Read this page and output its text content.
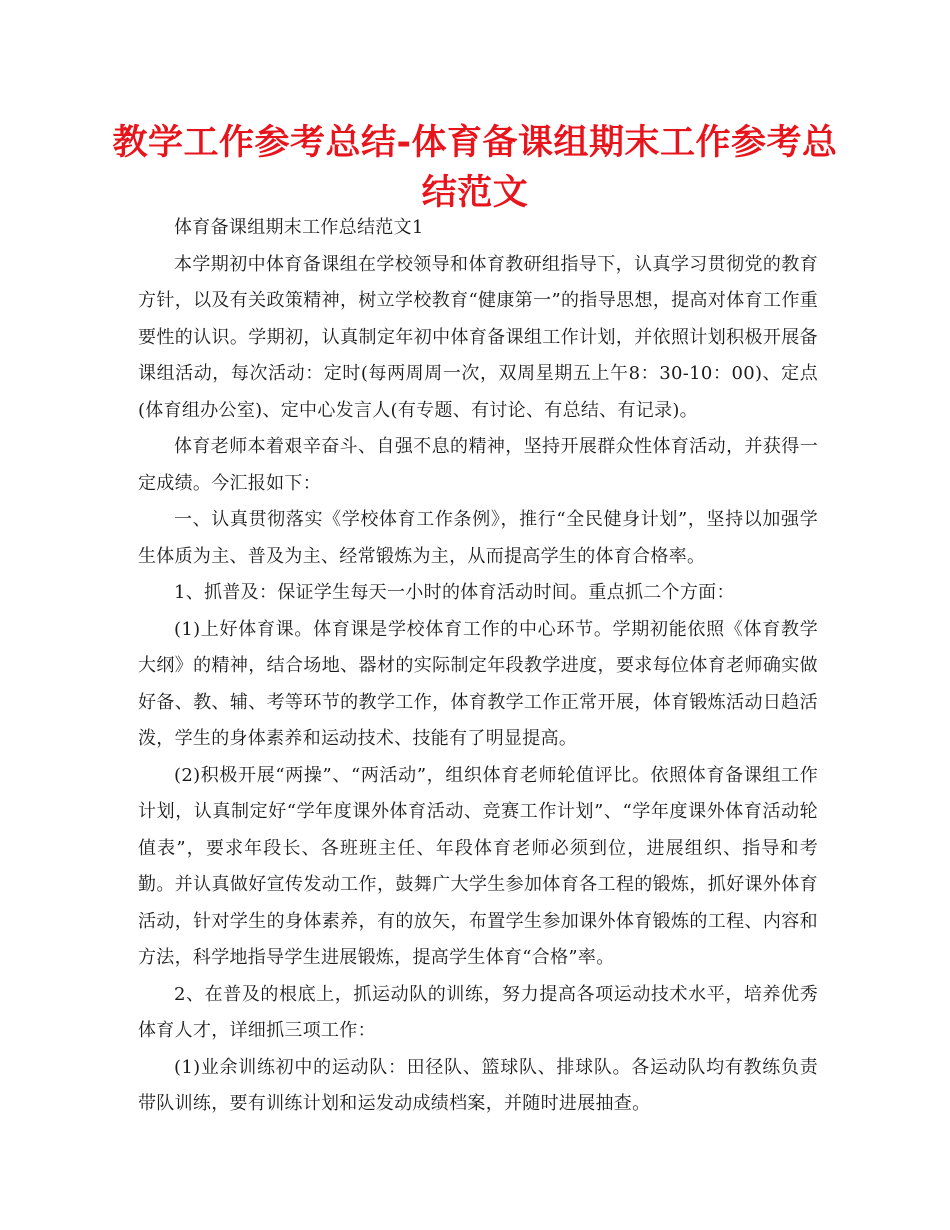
教学工作参考总结-体育备课组期末工作参考总结范文

体育备课组期末工作总结范文1

本学期初中体育备课组在学校领导和体育教研组指导下，认真学习贯彻党的教育方针，以及有关政策精神，树立学校教育“健康第一”的指导思想，提高对体育工作重要性的认识。学期初，认真制定年初中体育备课组工作计划，并依照计划积极开展备课组活动，每次活动：定时(每两周周一次，双周星期五上午8：30-10：00)、定点(体育组办公室)、定中心发言人(有专题、有讨论、有总结、有记录)。

体育老师本着艰辛奋斗、自强不息的精神，坚持开展群众性体育活动，并获得一定成绩。今汇报如下：

一、认真贯彻落实《学校体育工作条例》，推行“全民健身计划”，坚持以加强学生体质为主、普及为主、经常锻炼为主，从而提高学生的体育合格率。

1、抓普及：保证学生每天一小时的体育活动时间。重点抓二个方面：

(1)上好体育课。体育课是学校体育工作的中心环节。学期初能依照《体育教学大纲》的精神，结合场地、器材的实际制定年段教学进度，要求每位体育老师确实做好备、教、辅、考等环节的教学工作，体育教学工作正常开展，体育锻炼活动日趋活泼，学生的身体素养和运动技术、技能有了明显提高。

(2)积极开展“两操”、“两活动”，组织体育老师轮值评比。依照体育备课组工作计划，认真制定好“学年度课外体育活动、竞赛工作计划”、“学年度课外体育活动轮值表”，要求年段长、各班班主任、年段体育老师必须到位，进展组织、指导和考勤。并认真做好宣传发动工作，鼓舞广大学生参加体育各工程的锻炼，抓好课外体育活动，针对学生的身体素养，有的放矢，布置学生参加课外体育锻炼的工程、内容和方法，科学地指导学生进展锻炼，提高学生体育“合格”率。

2、在普及的根底上，抓运动队的训练，努力提高各项运动技术水平，培养优秀体育人才，详细抓三项工作：

(1)业余训练初中的运动队：田径队、篮球队、排球队。各运动队均有教练负责带队训练，要有训练计划和运发动成绩档案，并随时进展抽查。
